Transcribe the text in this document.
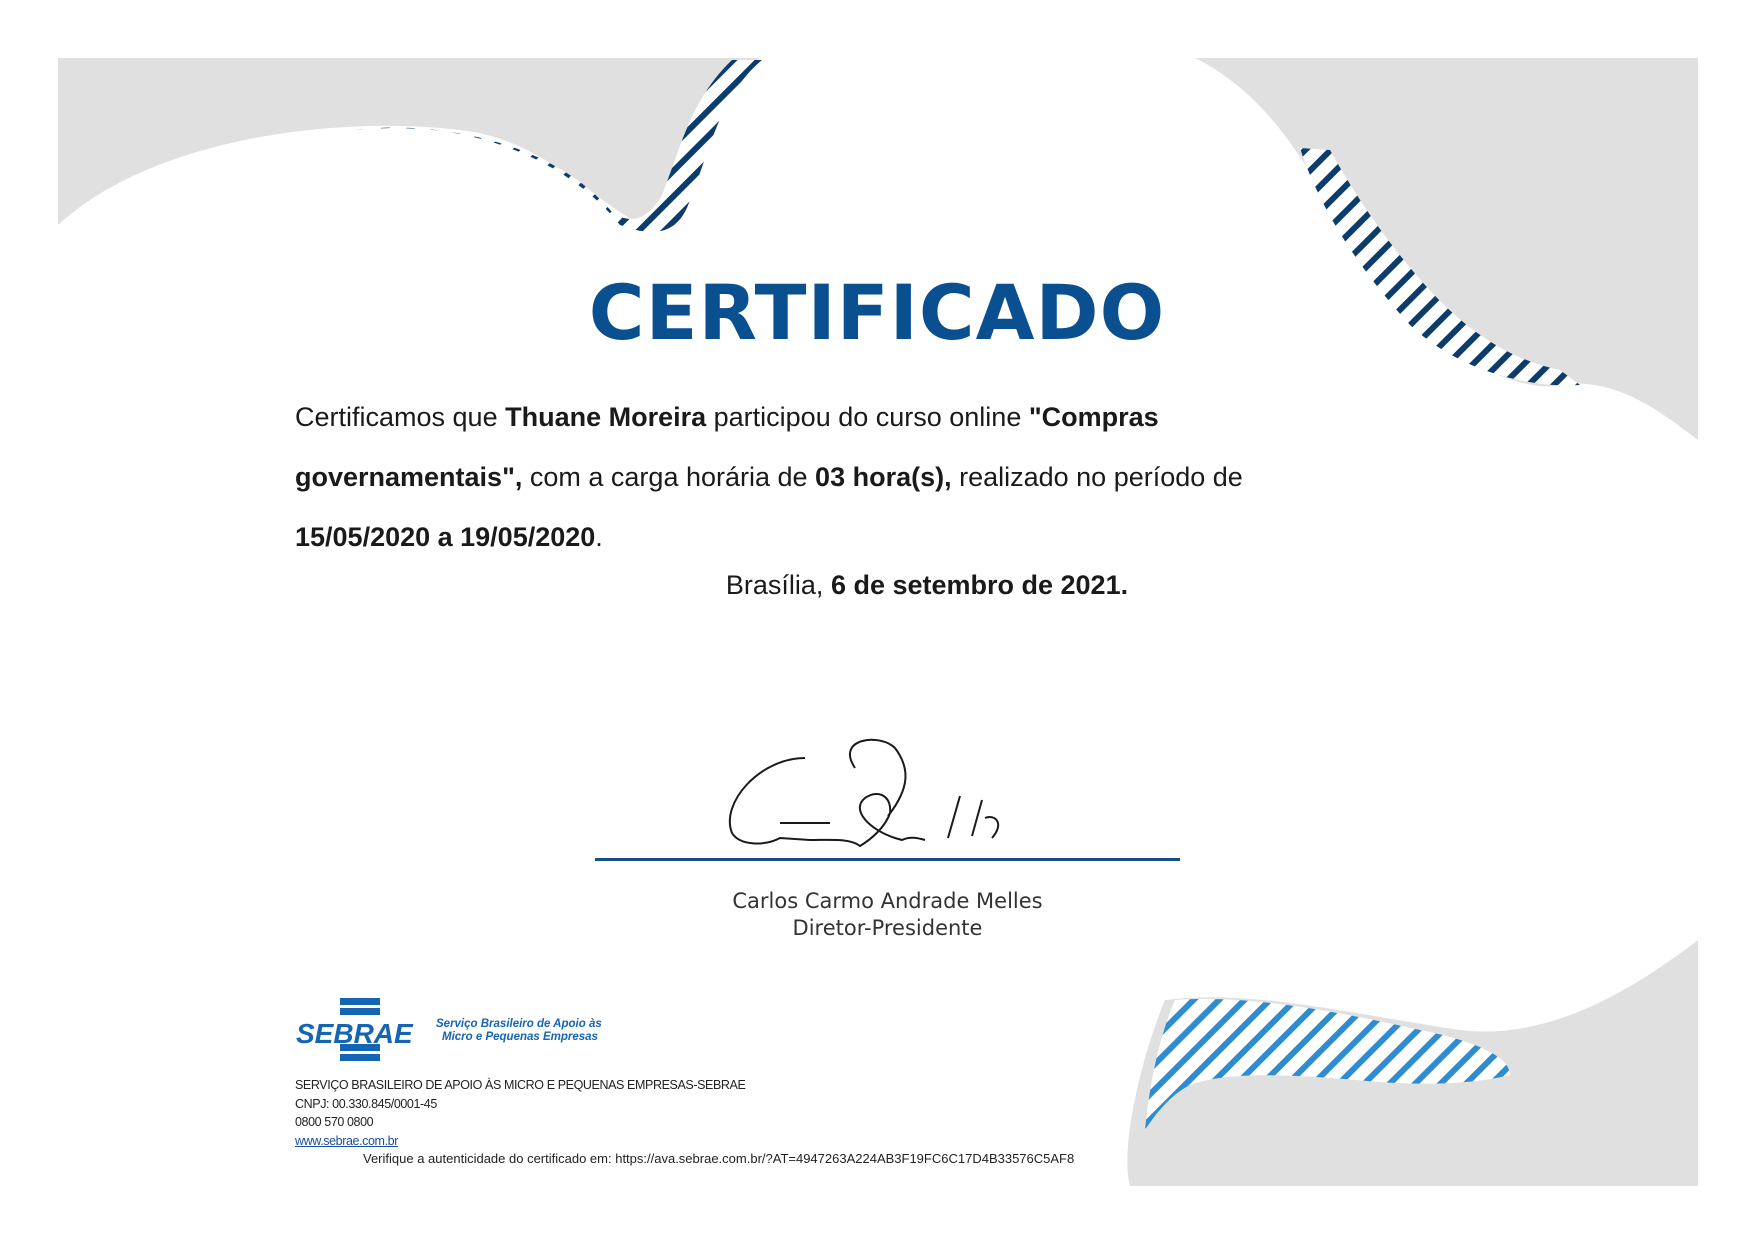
CERTIFICADO
Certificamos que Thuane Moreira participou do curso online "Compras governamentais", com a carga horária de 03 hora(s), realizado no período de 15/05/2020 a 19/05/2020.
Brasília, 6 de setembro de 2021.
Carlos Carmo Andrade Melles
Diretor-Presidente
SEBRAE Serviço Brasileiro de Apoio às
Micro e Pequenas Empresas
SERVIÇO BRASILEIRO DE APOIO ÀS MICRO E PEQUENAS EMPRESAS-SEBRAE
CNPJ: 00.330.845/0001-45
0800 570 0800
www.sebrae.com.br
Verifique a autenticidade do certificado em: https://ava.sebrae.com.br/?AT=4947263A224AB3F19FC6C17D4B33576C5AF8
